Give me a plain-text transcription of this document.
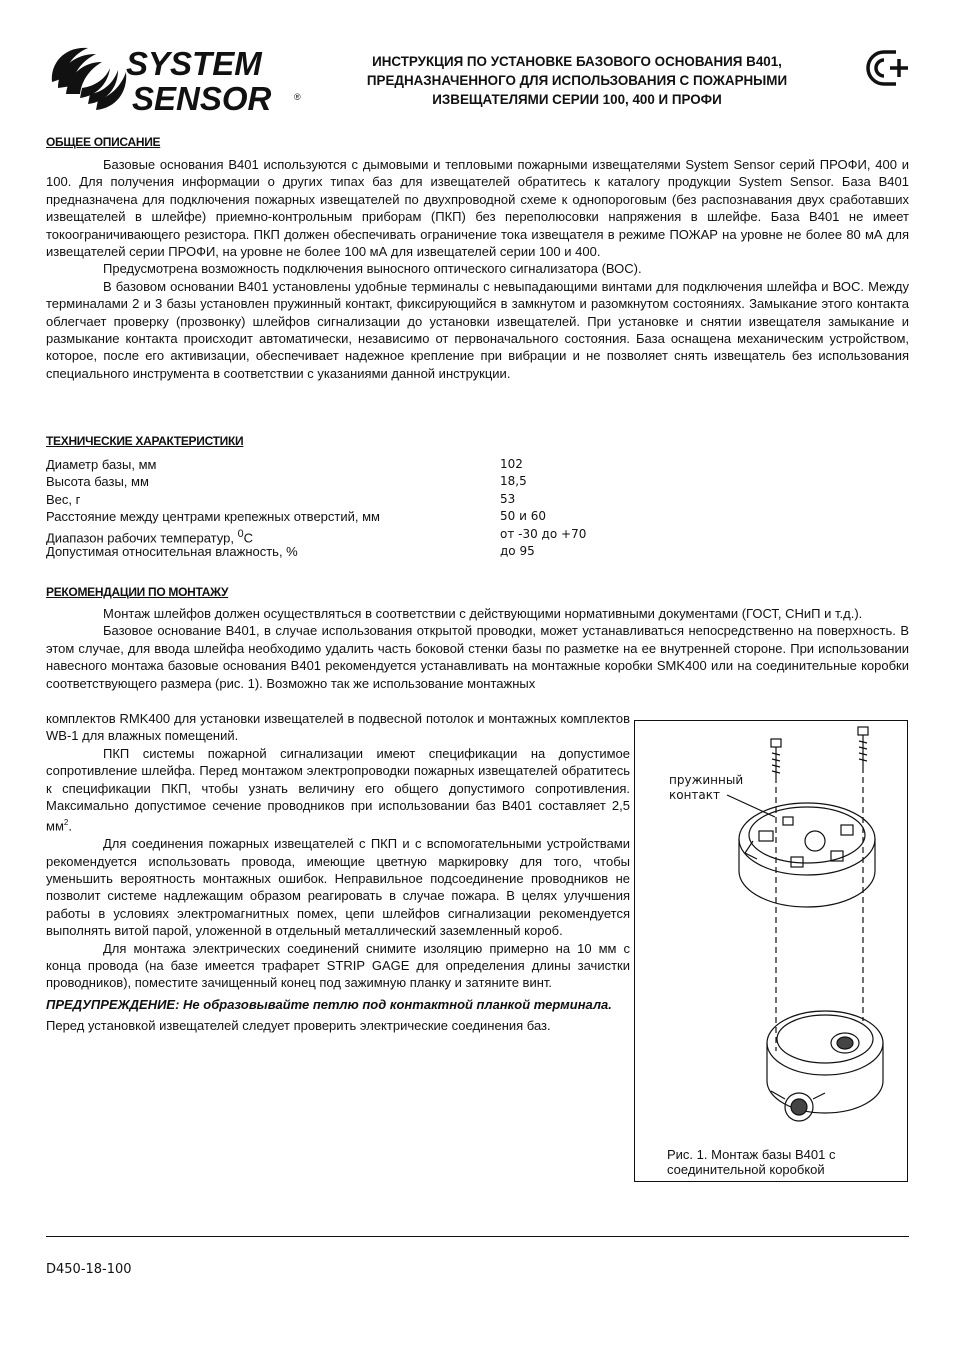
SYSTEM
SENSOR	®
ИНСТРУКЦИЯ ПО УСТАНОВКЕ БАЗОВОГО ОСНОВАНИЯ В401,
ПРЕДНАЗНАЧЕННОГО ДЛЯ ИСПОЛЬЗОВАНИЯ С ПОЖАРНЫМИ
ИЗВЕЩАТЕЛЯМИ СЕРИИ 100, 400 И ПРОФИ
ОБЩЕЕ ОПИСАНИЕ

Базовые основания В401 используются с дымовыми и тепловыми пожарными извещателями System Sensor серий ПРОФИ, 400 и 100. Для получения информации о других типах баз для извещателей обратитесь к каталогу продукции System Sensor. База В401 предназначена для подключения пожарных извещателей по двухпроводной схеме к однопороговым (без распознавания двух сработавших извещателей в шлейфе) приемно-контрольным приборам (ПКП) без переполюсовки напряжения в шлейфе. База В401 не имеет токоограничивающего резистора. ПКП должен обеспечивать ограничение тока извещателя в режиме ПОЖАР на уровне не более 80 мА для извещателей серии ПРОФИ, на уровне не более 100 мА для извещателей серии 100 и 400.

Предусмотрена возможность подключения выносного оптического сигнализатора (ВОС).

В базовом основании В401 установлены удобные терминалы с невыпадающими винтами для подключения шлейфа и ВОС. Между терминалами 2 и 3 базы установлен пружинный контакт, фиксирующийся в замкнутом и разомкнутом состояниях. Замыкание этого контакта облегчает проверку (прозвонку) шлейфов сигнализации до установки извещателей. При установке и снятии извещателя замыкание и размыкание контакта происходит автоматически, независимо от первоначального состояния. База оснащена механическим устройством, которое, после его активизации, обеспечивает надежное крепление при вибрации и не позволяет снять извещатель без использования специального инструмента в соответствии с указаниями данной инструкции.

ТЕХНИЧЕСКИЕ ХАРАКТЕРИСТИКИ
Диаметр базы, мм	102
Высота базы, мм	18,5
Вес, г	53
Расстояние между центрами крепежных отверстий, мм	50 и 60
Диапазон рабочих температур, $^0$С	от -30 до +70
Допустимая относительная влажность, %	до 95
РЕКОМЕНДАЦИИ ПО МОНТАЖУ

Монтаж шлейфов должен осуществляться в соответствии с действующими нормативными документами (ГОСТ, СНиП и т.д.).

Базовое основание В401, в случае использования открытой проводки, может устанавливаться непосредственно на поверхность. В этом случае, для ввода шлейфа необходимо удалить часть боковой стенки базы по разметке на ее внутренней стороне. При использовании навесного монтажа базовые основания В401 рекомендуется устанавливать на монтажные коробки SMK400 или на соединительные коробки соответствующего размера (рис. 1). Возможно так же использование монтажных

комплектов RMK400 для установки извещателей в подвесной потолок и монтажных комплектов WB-1 для влажных помещений.

ПКП системы пожарной сигнализации имеют спецификации на допустимое сопротивление шлейфа. Перед монтажом электропроводки пожарных извещателей обратитесь к спецификации ПКП, чтобы узнать величину его общего допустимого сопротивления. Максимально допустимое сечение проводников при использовании баз В401 составляет 2,5 $мм^2$.

Для соединения пожарных извещателей с ПКП и с вспомогательными устройствами рекомендуется использовать провода, имеющие цветную маркировку для того, чтобы уменьшить вероятность монтажных ошибок. Неправильное подсоединение проводников не позволит системе надлежащим образом реагировать в случае пожара. В целях улучшения работы в условиях электромагнитных помех, цепи шлейфов сигнализации рекомендуется выполнять витой парой, уложенной в отдельный металлический заземленный короб.

Для монтажа электрических соединений снимите изоляцию примерно на 10 мм с конца провода (на базе имеется трафарет STRIP GAGE для определения длины зачистки проводников), поместите зачищенный конец под зажимную планку и затяните винт.

ПРЕДУПРЕЖДЕНИЕ: Не образовывайте петлю под контактной планкой терминала.

Перед установкой извещателей следует проверить электрические соединения баз.

пружинный
контакт
Рис. 1. Монтаж базы В401 с
соединительной коробкой
D450-18-100
